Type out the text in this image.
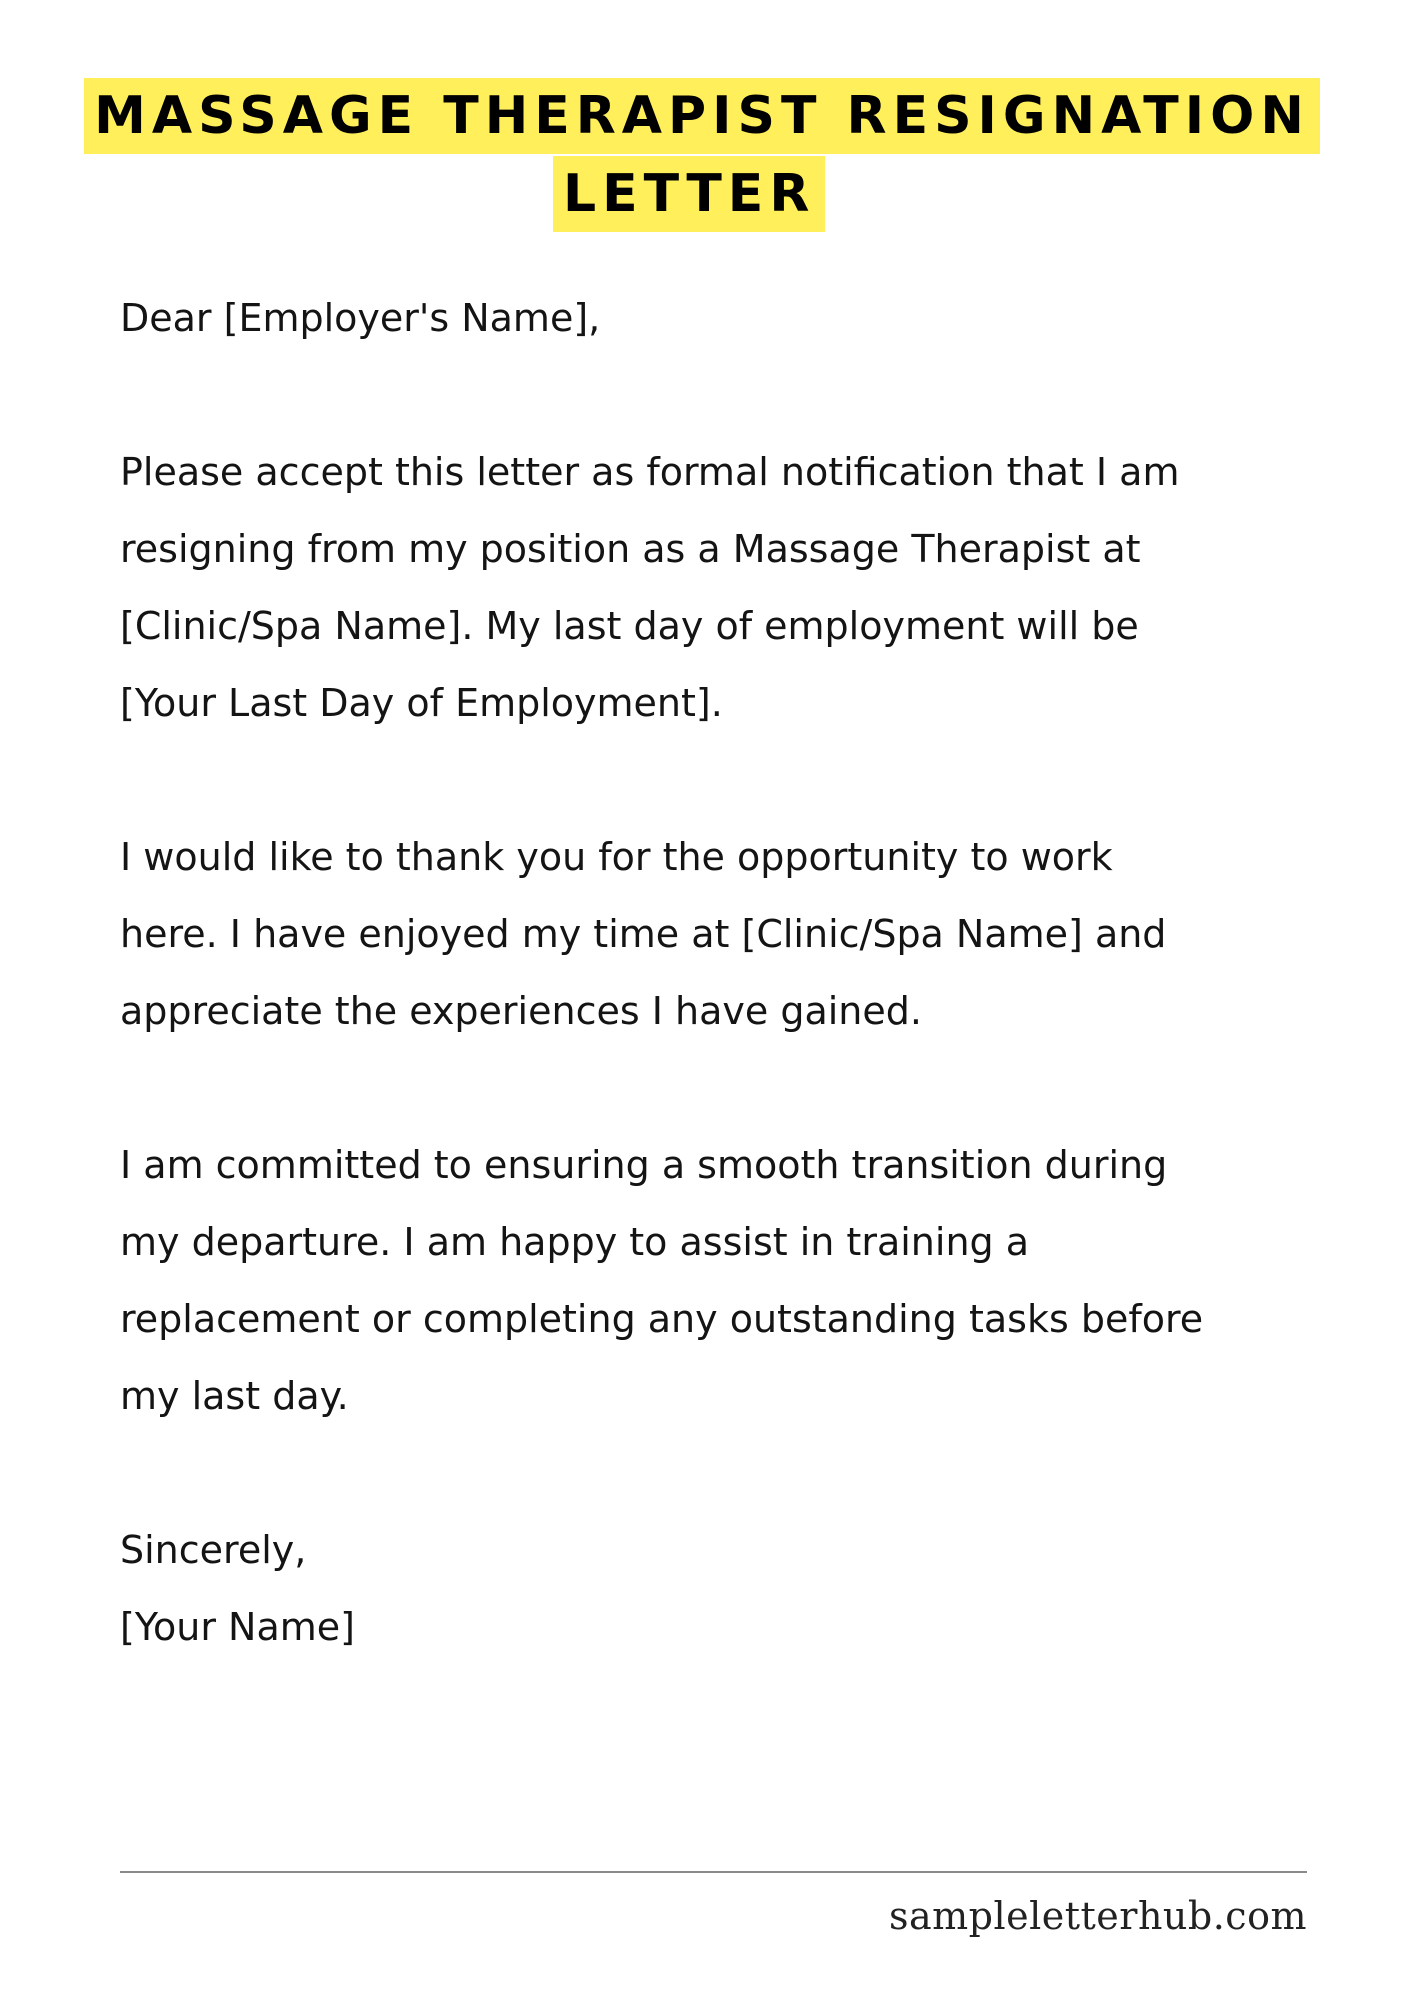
MASSAGE THERAPIST RESIGNATION
LETTER
Dear [Employer's Name],
Please accept this letter as formal notification that I am
resigning from my position as a Massage Therapist at
[Clinic/Spa Name]. My last day of employment will be
[Your Last Day of Employment].
I would like to thank you for the opportunity to work
here. I have enjoyed my time at [Clinic/Spa Name] and
appreciate the experiences I have gained.
I am committed to ensuring a smooth transition during
my departure. I am happy to assist in training a
replacement or completing any outstanding tasks before
my last day.
Sincerely,
[Your Name]
sampleletterhub.com
